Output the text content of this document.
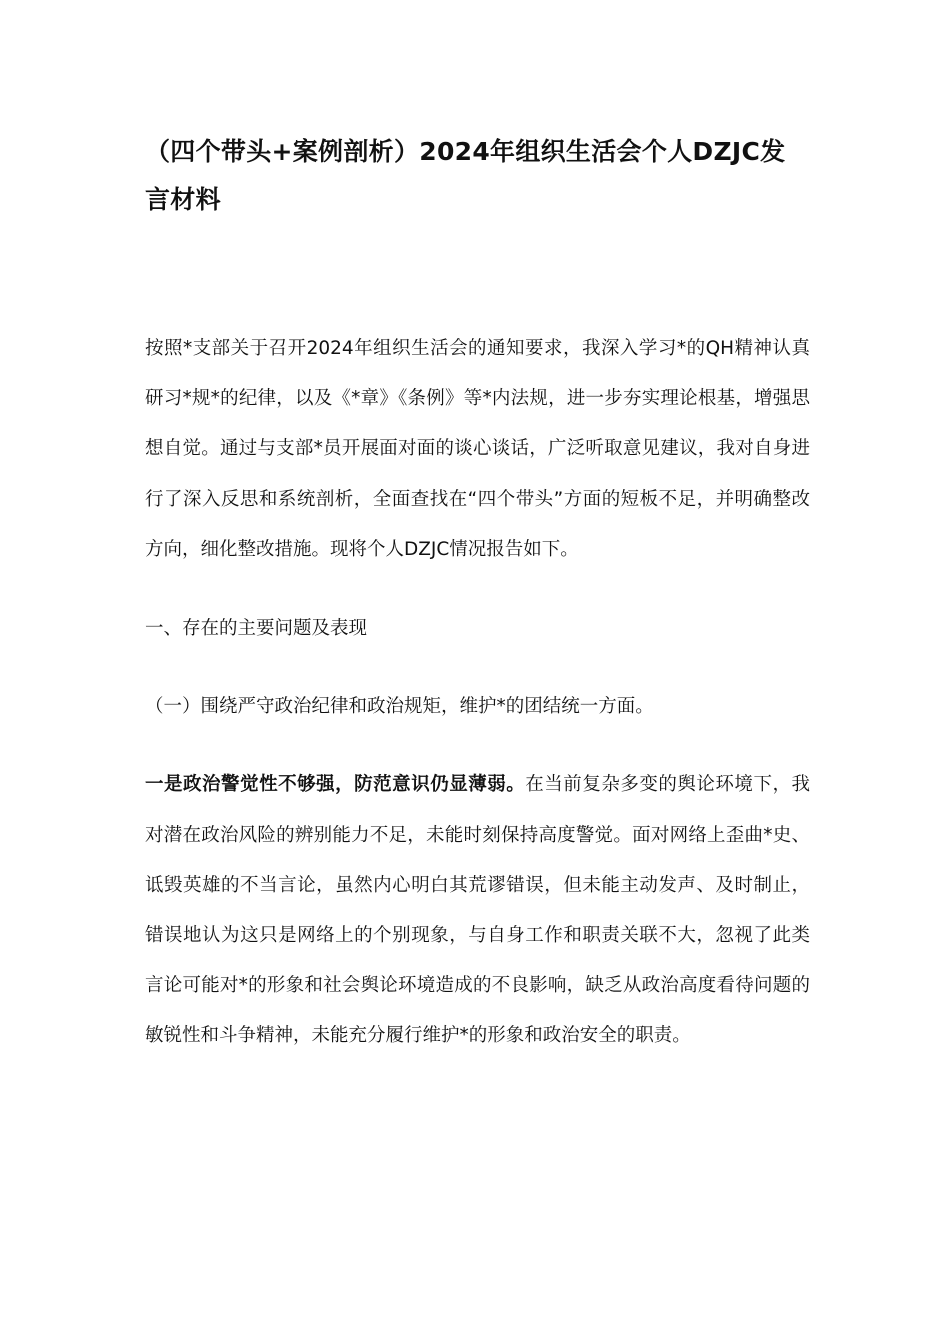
（四个带头+案例剖析）2024年组织生活会个人DZJC发言材料

按照*支部关于召开2024年组织生活会的通知要求，我深入学习*的QH精神认真研习*规*的纪律，以及《*章》《条例》等*内法规，进一步夯实理论根基，增强思想自觉。通过与支部*员开展面对面的谈心谈话，广泛听取意见建议，我对自身进行了深入反思和系统剖析，全面查找在“四个带头”方面的短板不足，并明确整改方向，细化整改措施。现将个人DZJC情况报告如下。

一、存在的主要问题及表现

（一）围绕严守政治纪律和政治规矩，维护*的团结统一方面。

一是政治警觉性不够强，防范意识仍显薄弱。在当前复杂多变的舆论环境下，我对潜在政治风险的辨别能力不足，未能时刻保持高度警觉。面对网络上歪曲*史、诋毁英雄的不当言论，虽然内心明白其荒谬错误，但未能主动发声、及时制止，错误地认为这只是网络上的个别现象，与自身工作和职责关联不大，忽视了此类言论可能对*的形象和社会舆论环境造成的不良影响，缺乏从政治高度看待问题的敏锐性和斗争精神，未能充分履行维护*的形象和政治安全的职责。
